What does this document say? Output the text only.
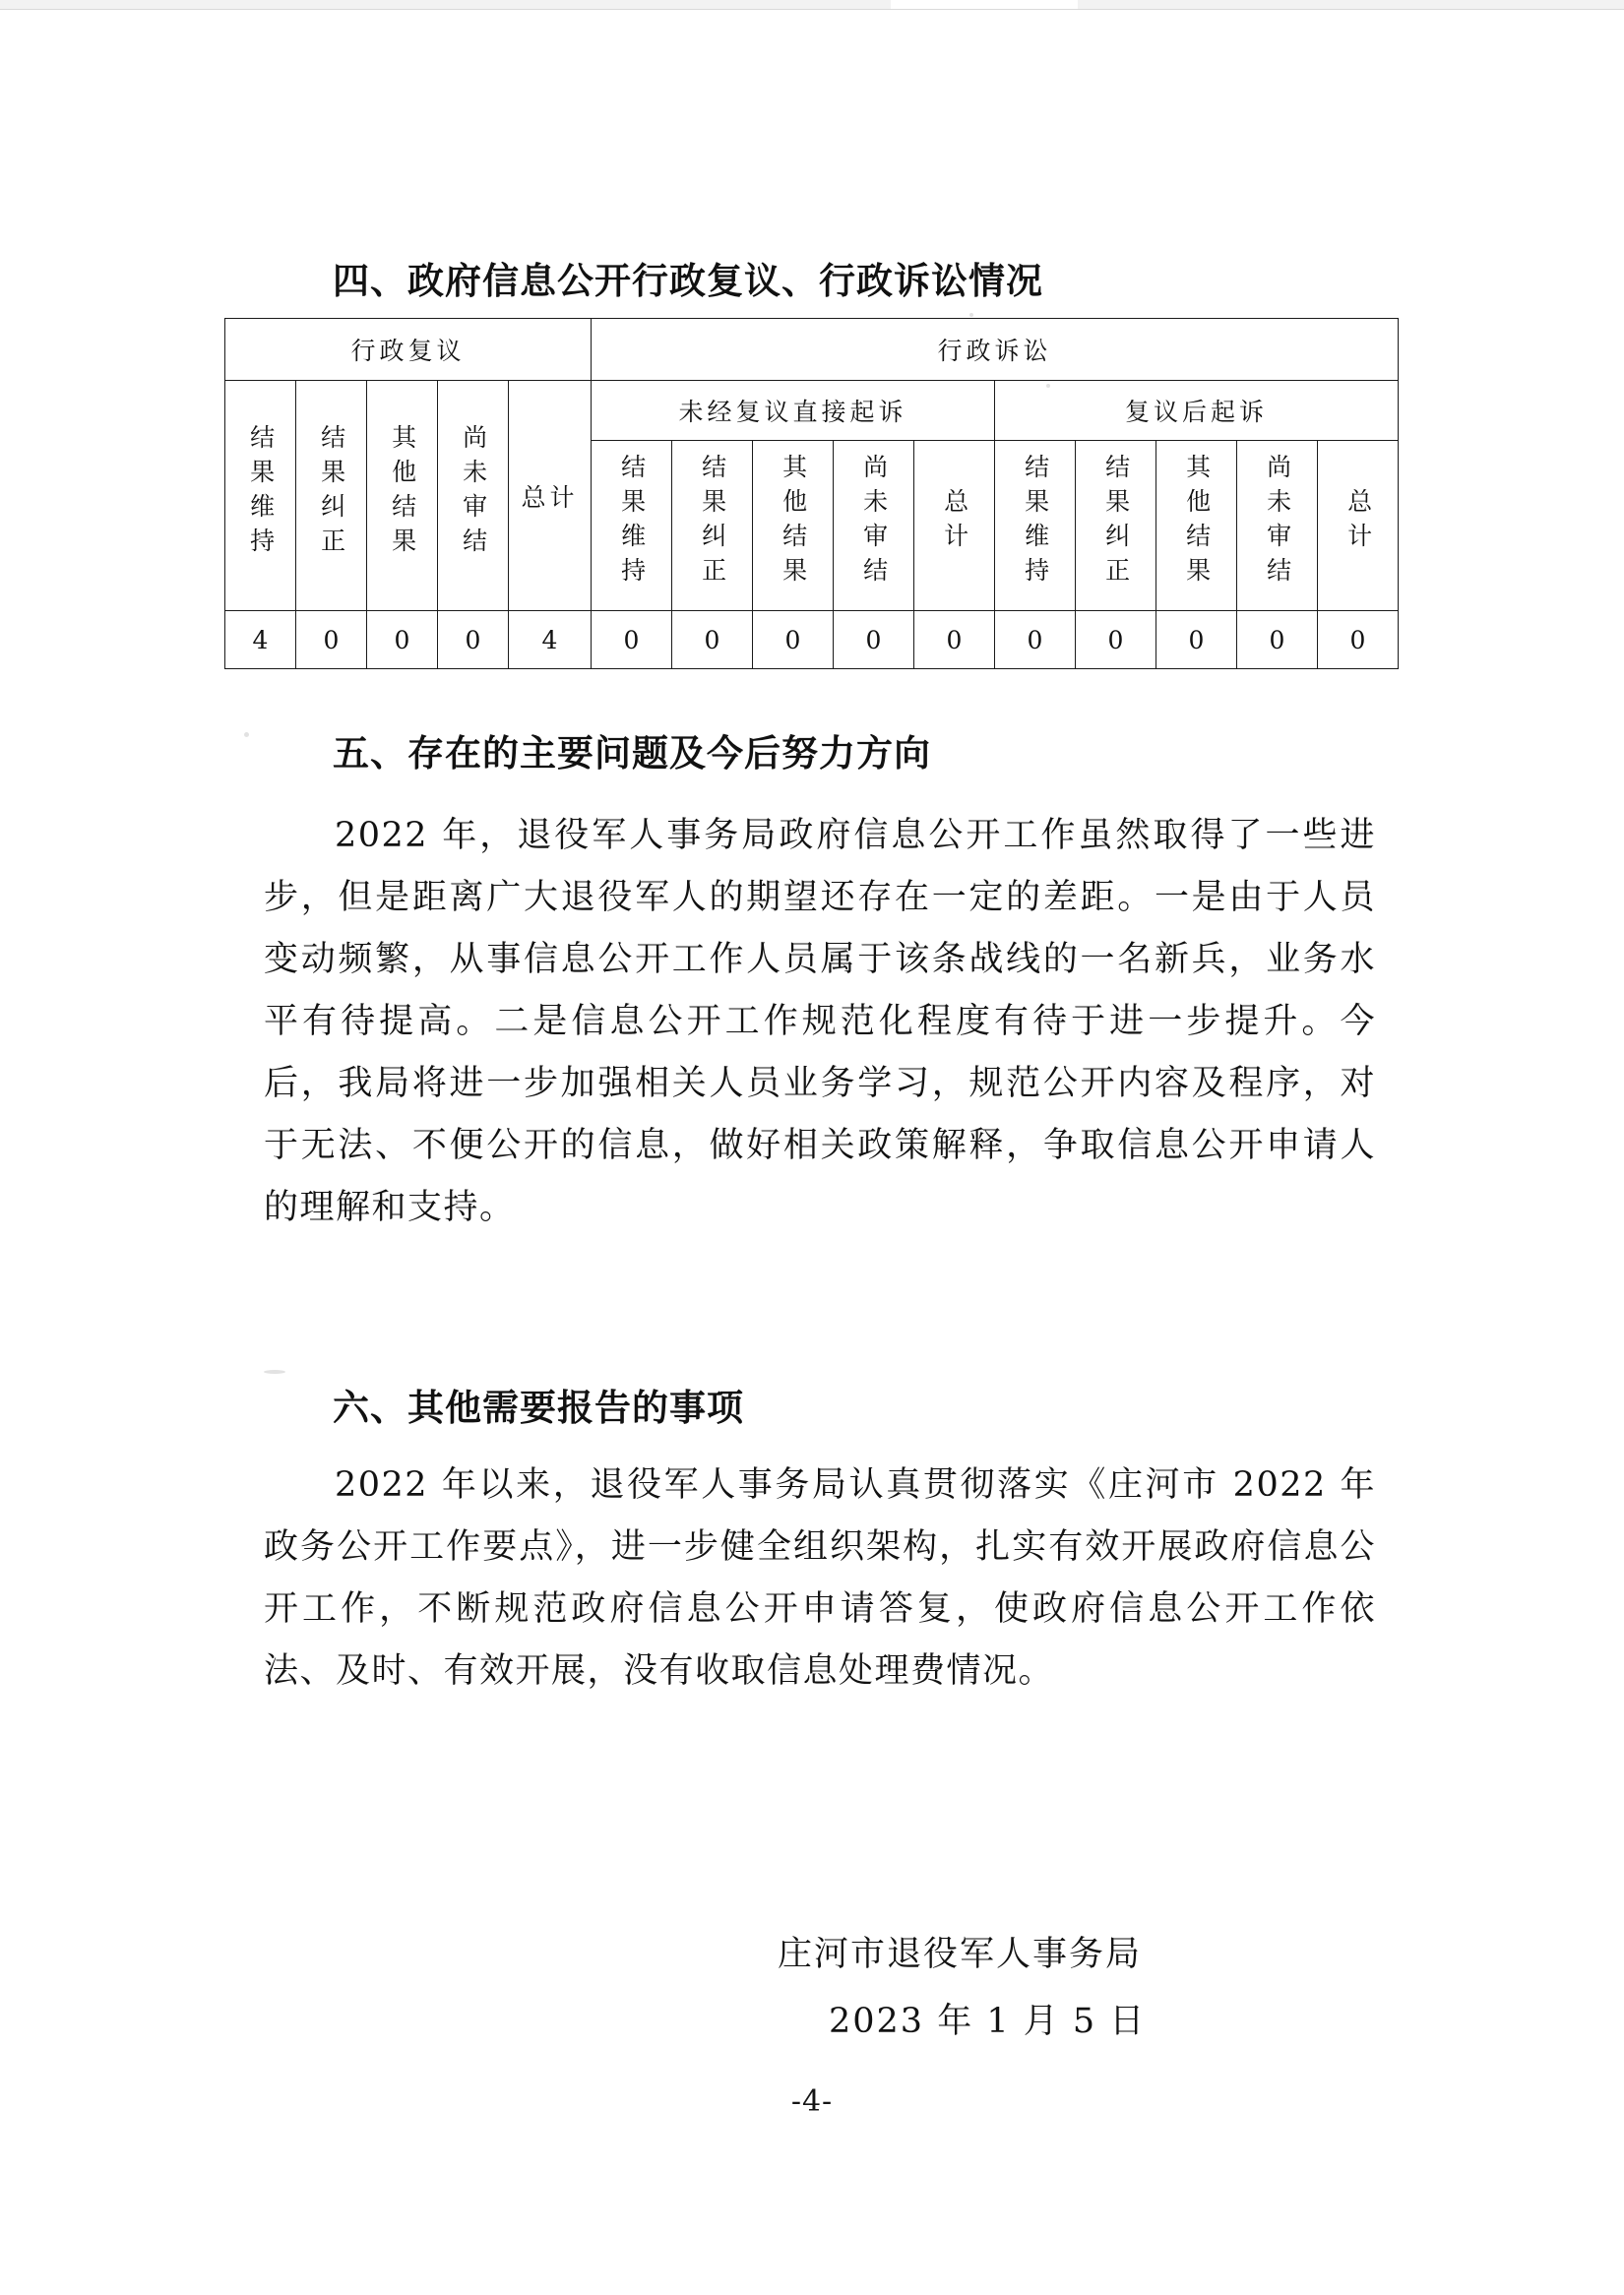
四、政府信息公开行政复议、行政诉讼情况
行政复议					行政诉讼									
结果维持	结果纠正	其他结果	尚未审结	总计	未经复议直接起诉					复议后起诉				
					结果维持	结果纠正	其他结果	尚未审结	总计	结果维持	结果纠正	其他结果	尚未审结	总计
4	0	0	0	4	0	0	0	0	0	0	0	0	0	0
五、存在的主要问题及今后努力方向
2022 年，退役军人事务局政府信息公开工作虽然取得了一些进步，但是距离广大退役军人的期望还存在一定的差距。一是由于人员变动频繁，从事信息公开工作人员属于该条战线的一名新兵，业务水平有待提高。二是信息公开工作规范化程度有待于进一步提升。今后，我局将进一步加强相关人员业务学习，规范公开内容及程序，对于无法、不便公开的信息，做好相关政策解释，争取信息公开申请人的理解和支持。
六、其他需要报告的事项
2022 年以来，退役军人事务局认真贯彻落实《庄河市 2022 年政务公开工作要点》，进一步健全组织架构，扎实有效开展政府信息公开工作，不断规范政府信息公开申请答复，使政府信息公开工作依法、及时、有效开展，没有收取信息处理费情况。
庄河市退役军人事务局
2023 年 1 月 5 日
-4-
